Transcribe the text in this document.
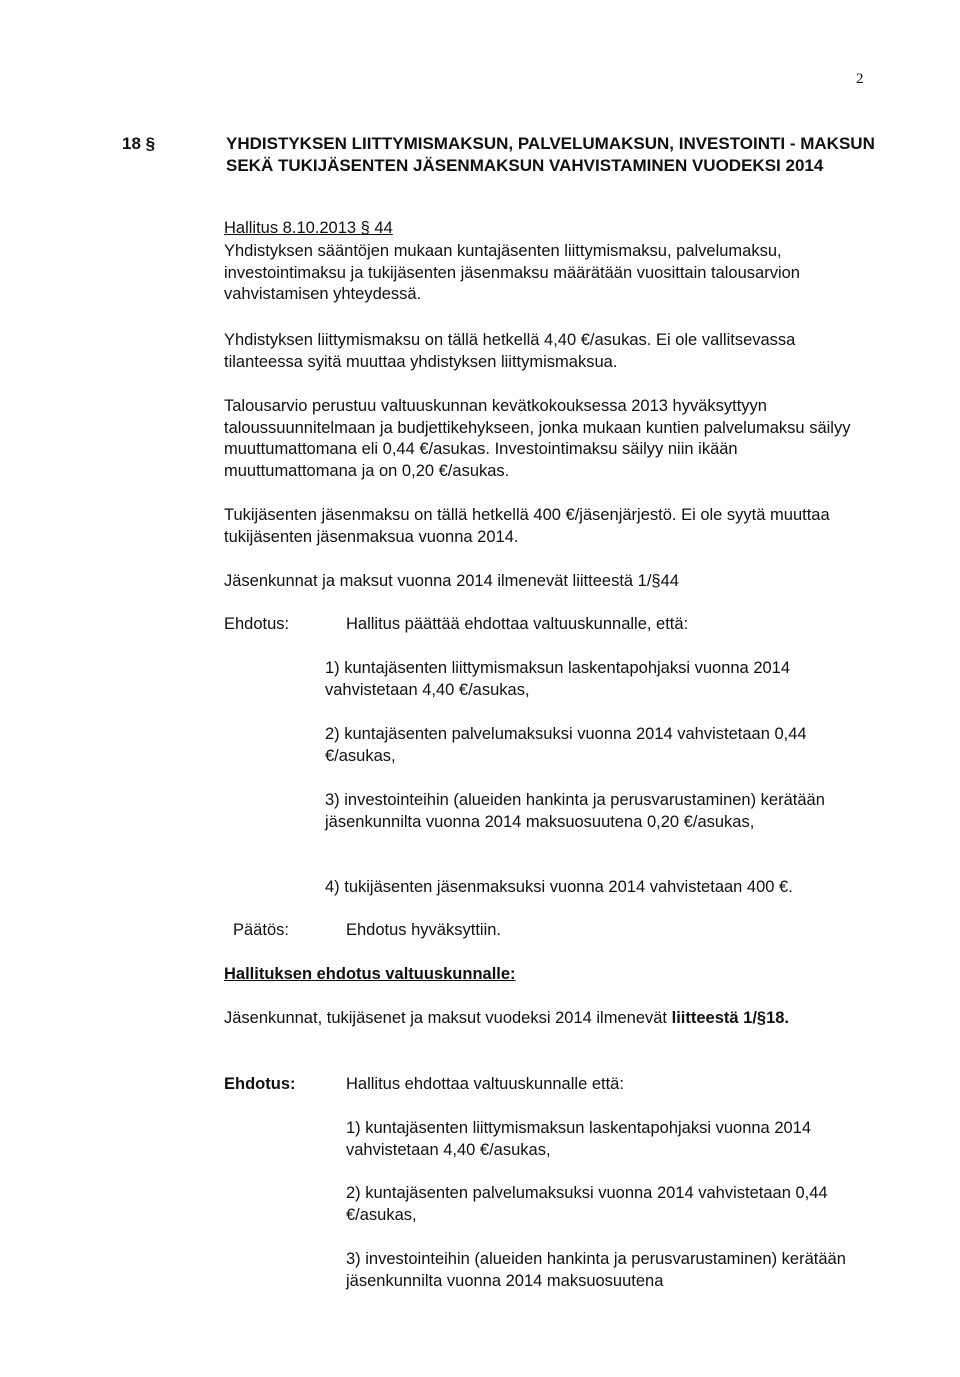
2
18 §	YHDISTYKSEN LIITTYMISMAKSUN, PALVELUMAKSUN, INVESTOINTI - MAKSUN SEKÄ TUKIJÄSENTEN JÄSENMAKSUN VAHVISTAMINEN VUODEKSI 2014
Hallitus 8.10.2013 § 44

Yhdistyksen sääntöjen mukaan kuntajäsenten liittymismaksu, palvelumaksu, investointimaksu ja tukijäsenten jäsenmaksu määrätään vuosittain talousarvion vahvistamisen yhteydessä.

Yhdistyksen liittymismaksu on tällä hetkellä 4,40 €/asukas. Ei ole vallitsevassa tilanteessa syitä muuttaa yhdistyksen liittymismaksua.

Talousarvio perustuu valtuuskunnan kevätkokouksessa 2013 hyväksyttyyn taloussuunnitelmaan ja budjettikehykseen, jonka mukaan kuntien palvelumaksu säilyy muuttumattomana eli 0,44 €/asukas. Investointimaksu säilyy niin ikään muuttumattomana ja on 0,20 €/asukas.

Tukijäsenten jäsenmaksu on tällä hetkellä 400 €/jäsenjärjestö. Ei ole syytä muuttaa tukijäsenten jäsenmaksua vuonna 2014.

Jäsenkunnat ja maksut vuonna 2014 ilmenevät liitteestä 1/§44

Ehdotus:	Hallitus päättää ehdottaa valtuuskunnalle, että:

1) kuntajäsenten liittymismaksun laskentapohjaksi vuonna 2014 vahvistetaan 4,40 €/asukas,

2) kuntajäsenten palvelumaksuksi vuonna 2014 vahvistetaan 0,44 €/asukas,

3) investointeihin (alueiden hankinta ja perusvarustaminen) kerätään jäsenkunnilta vuonna 2014 maksuosuutena 0,20 €/asukas,

4) tukijäsenten jäsenmaksuksi vuonna 2014 vahvistetaan 400 €.

Päätös:	Ehdotus hyväksyttiin.
Hallituksen ehdotus valtuuskunnalle:

Jäsenkunnat, tukijäsenet ja maksut vuodeksi 2014 ilmenevät liitteestä 1/§18.

Ehdotus:	Hallitus ehdottaa valtuuskunnalle että:

1) kuntajäsenten liittymismaksun laskentapohjaksi vuonna 2014 vahvistetaan 4,40 €/asukas,

2) kuntajäsenten palvelumaksuksi vuonna 2014 vahvistetaan 0,44 €/asukas,

3) investointeihin (alueiden hankinta ja perusvarustaminen) kerätään jäsenkunnilta vuonna 2014 maksuosuutena
